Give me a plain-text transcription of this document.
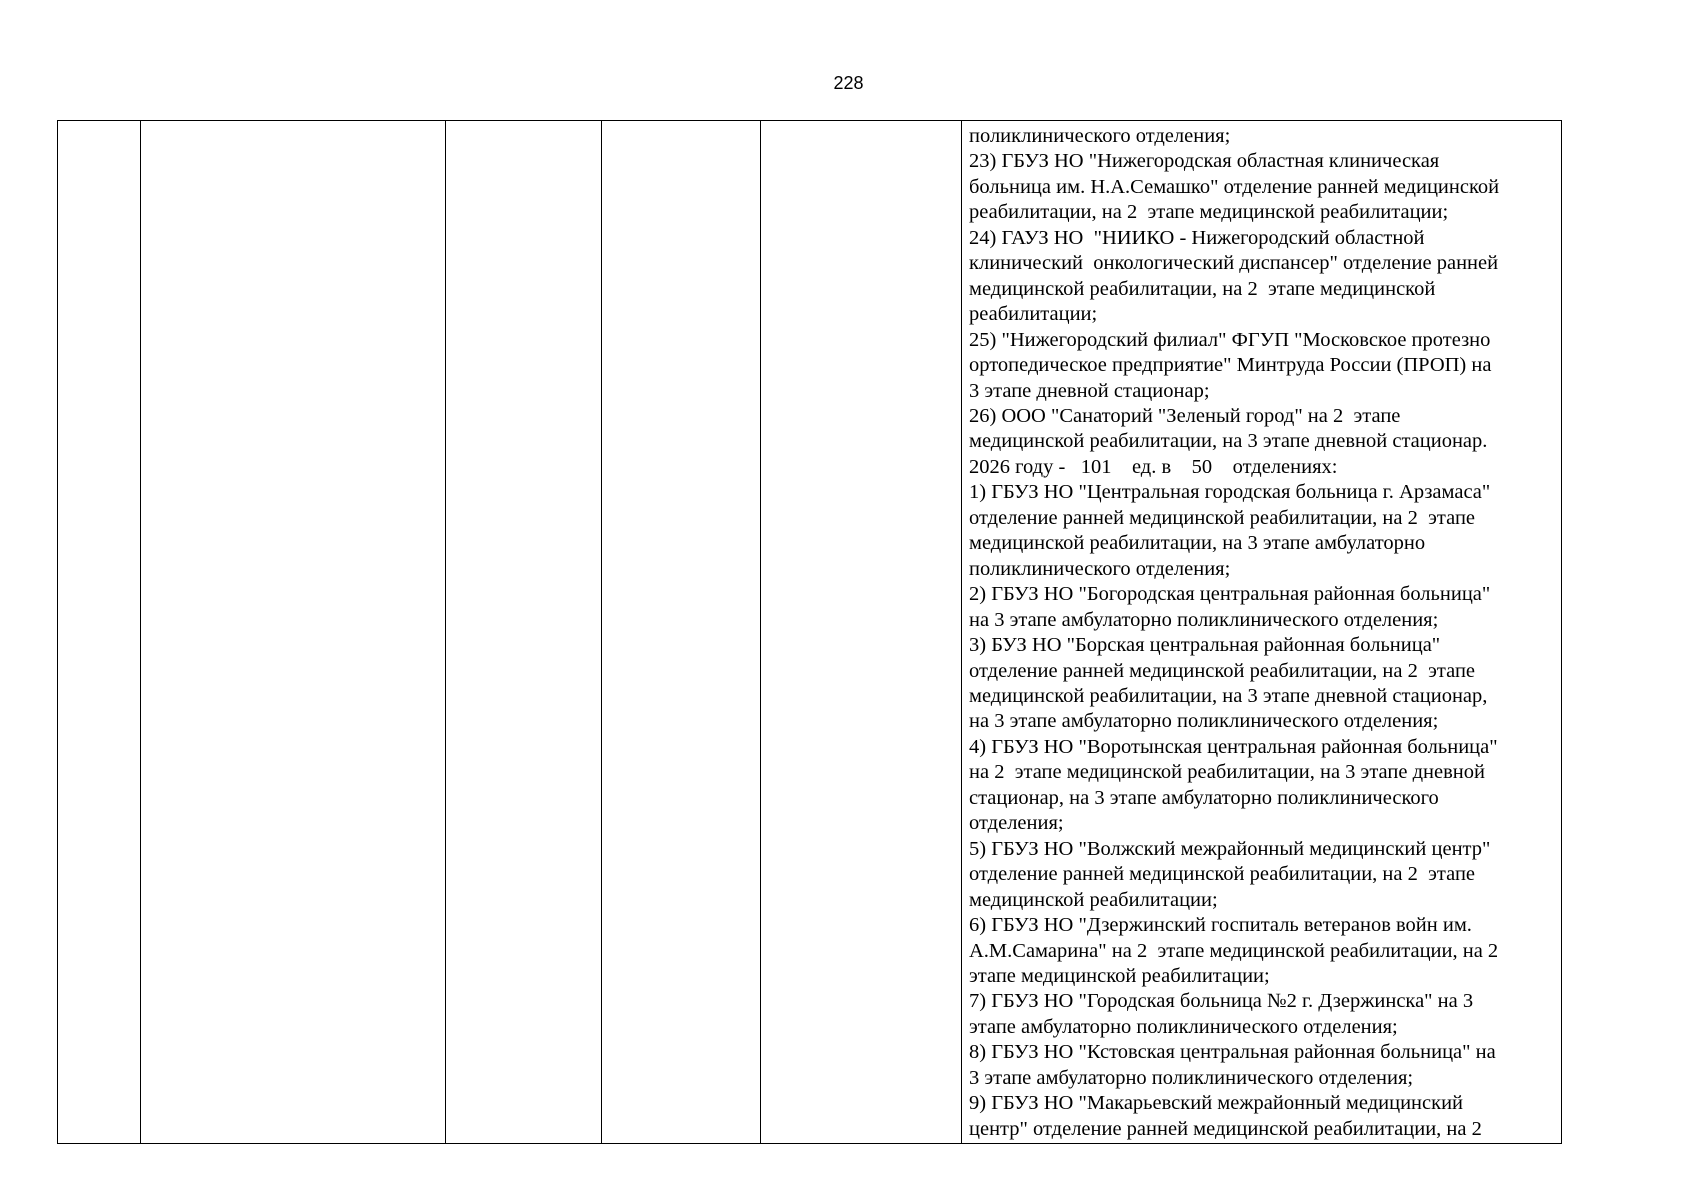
228
поликлинического отделения;
23) ГБУЗ НО "Нижегородская областная клиническая
больница им. Н.А.Семашко" отделение ранней медицинской
реабилитации, на 2  этапе медицинской реабилитации;
24) ГАУЗ НО  "НИИКО - Нижегородский областной
клинический  онкологический диспансер" отделение ранней
медицинской реабилитации, на 2  этапе медицинской
реабилитации;
25) "Нижегородский филиал" ФГУП "Московское протезно
ортопедическое предприятие" Минтруда России (ПРОП) на
3 этапе дневной стационар;
26) ООО "Санаторий "Зеленый город" на 2  этапе
медицинской реабилитации, на 3 этапе дневной стационар.
2026 году -   101    ед. в    50    отделениях:
1) ГБУЗ НО "Центральная городская больница г. Арзамаса"
отделение ранней медицинской реабилитации, на 2  этапе
медицинской реабилитации, на 3 этапе амбулаторно
поликлинического отделения;
2) ГБУЗ НО "Богородская центральная районная больница"
на 3 этапе амбулаторно поликлинического отделения;
3) БУЗ НО "Борская центральная районная больница"
отделение ранней медицинской реабилитации, на 2  этапе
медицинской реабилитации, на 3 этапе дневной стационар,
на 3 этапе амбулаторно поликлинического отделения;
4) ГБУЗ НО "Воротынская центральная районная больница"
на 2  этапе медицинской реабилитации, на 3 этапе дневной
стационар, на 3 этапе амбулаторно поликлинического
отделения;
5) ГБУЗ НО "Волжский межрайонный медицинский центр"
отделение ранней медицинской реабилитации, на 2  этапе
медицинской реабилитации;
6) ГБУЗ НО "Дзержинский госпиталь ветеранов войн им.
А.М.Самарина" на 2  этапе медицинской реабилитации, на 2
этапе медицинской реабилитации;
7) ГБУЗ НО "Городская больница №2 г. Дзержинска" на 3
этапе амбулаторно поликлинического отделения;
8) ГБУЗ НО "Кстовская центральная районная больница" на
3 этапе амбулаторно поликлинического отделения;
9) ГБУЗ НО "Макарьевский межрайонный медицинский
центр" отделение ранней медицинской реабилитации, на 2
